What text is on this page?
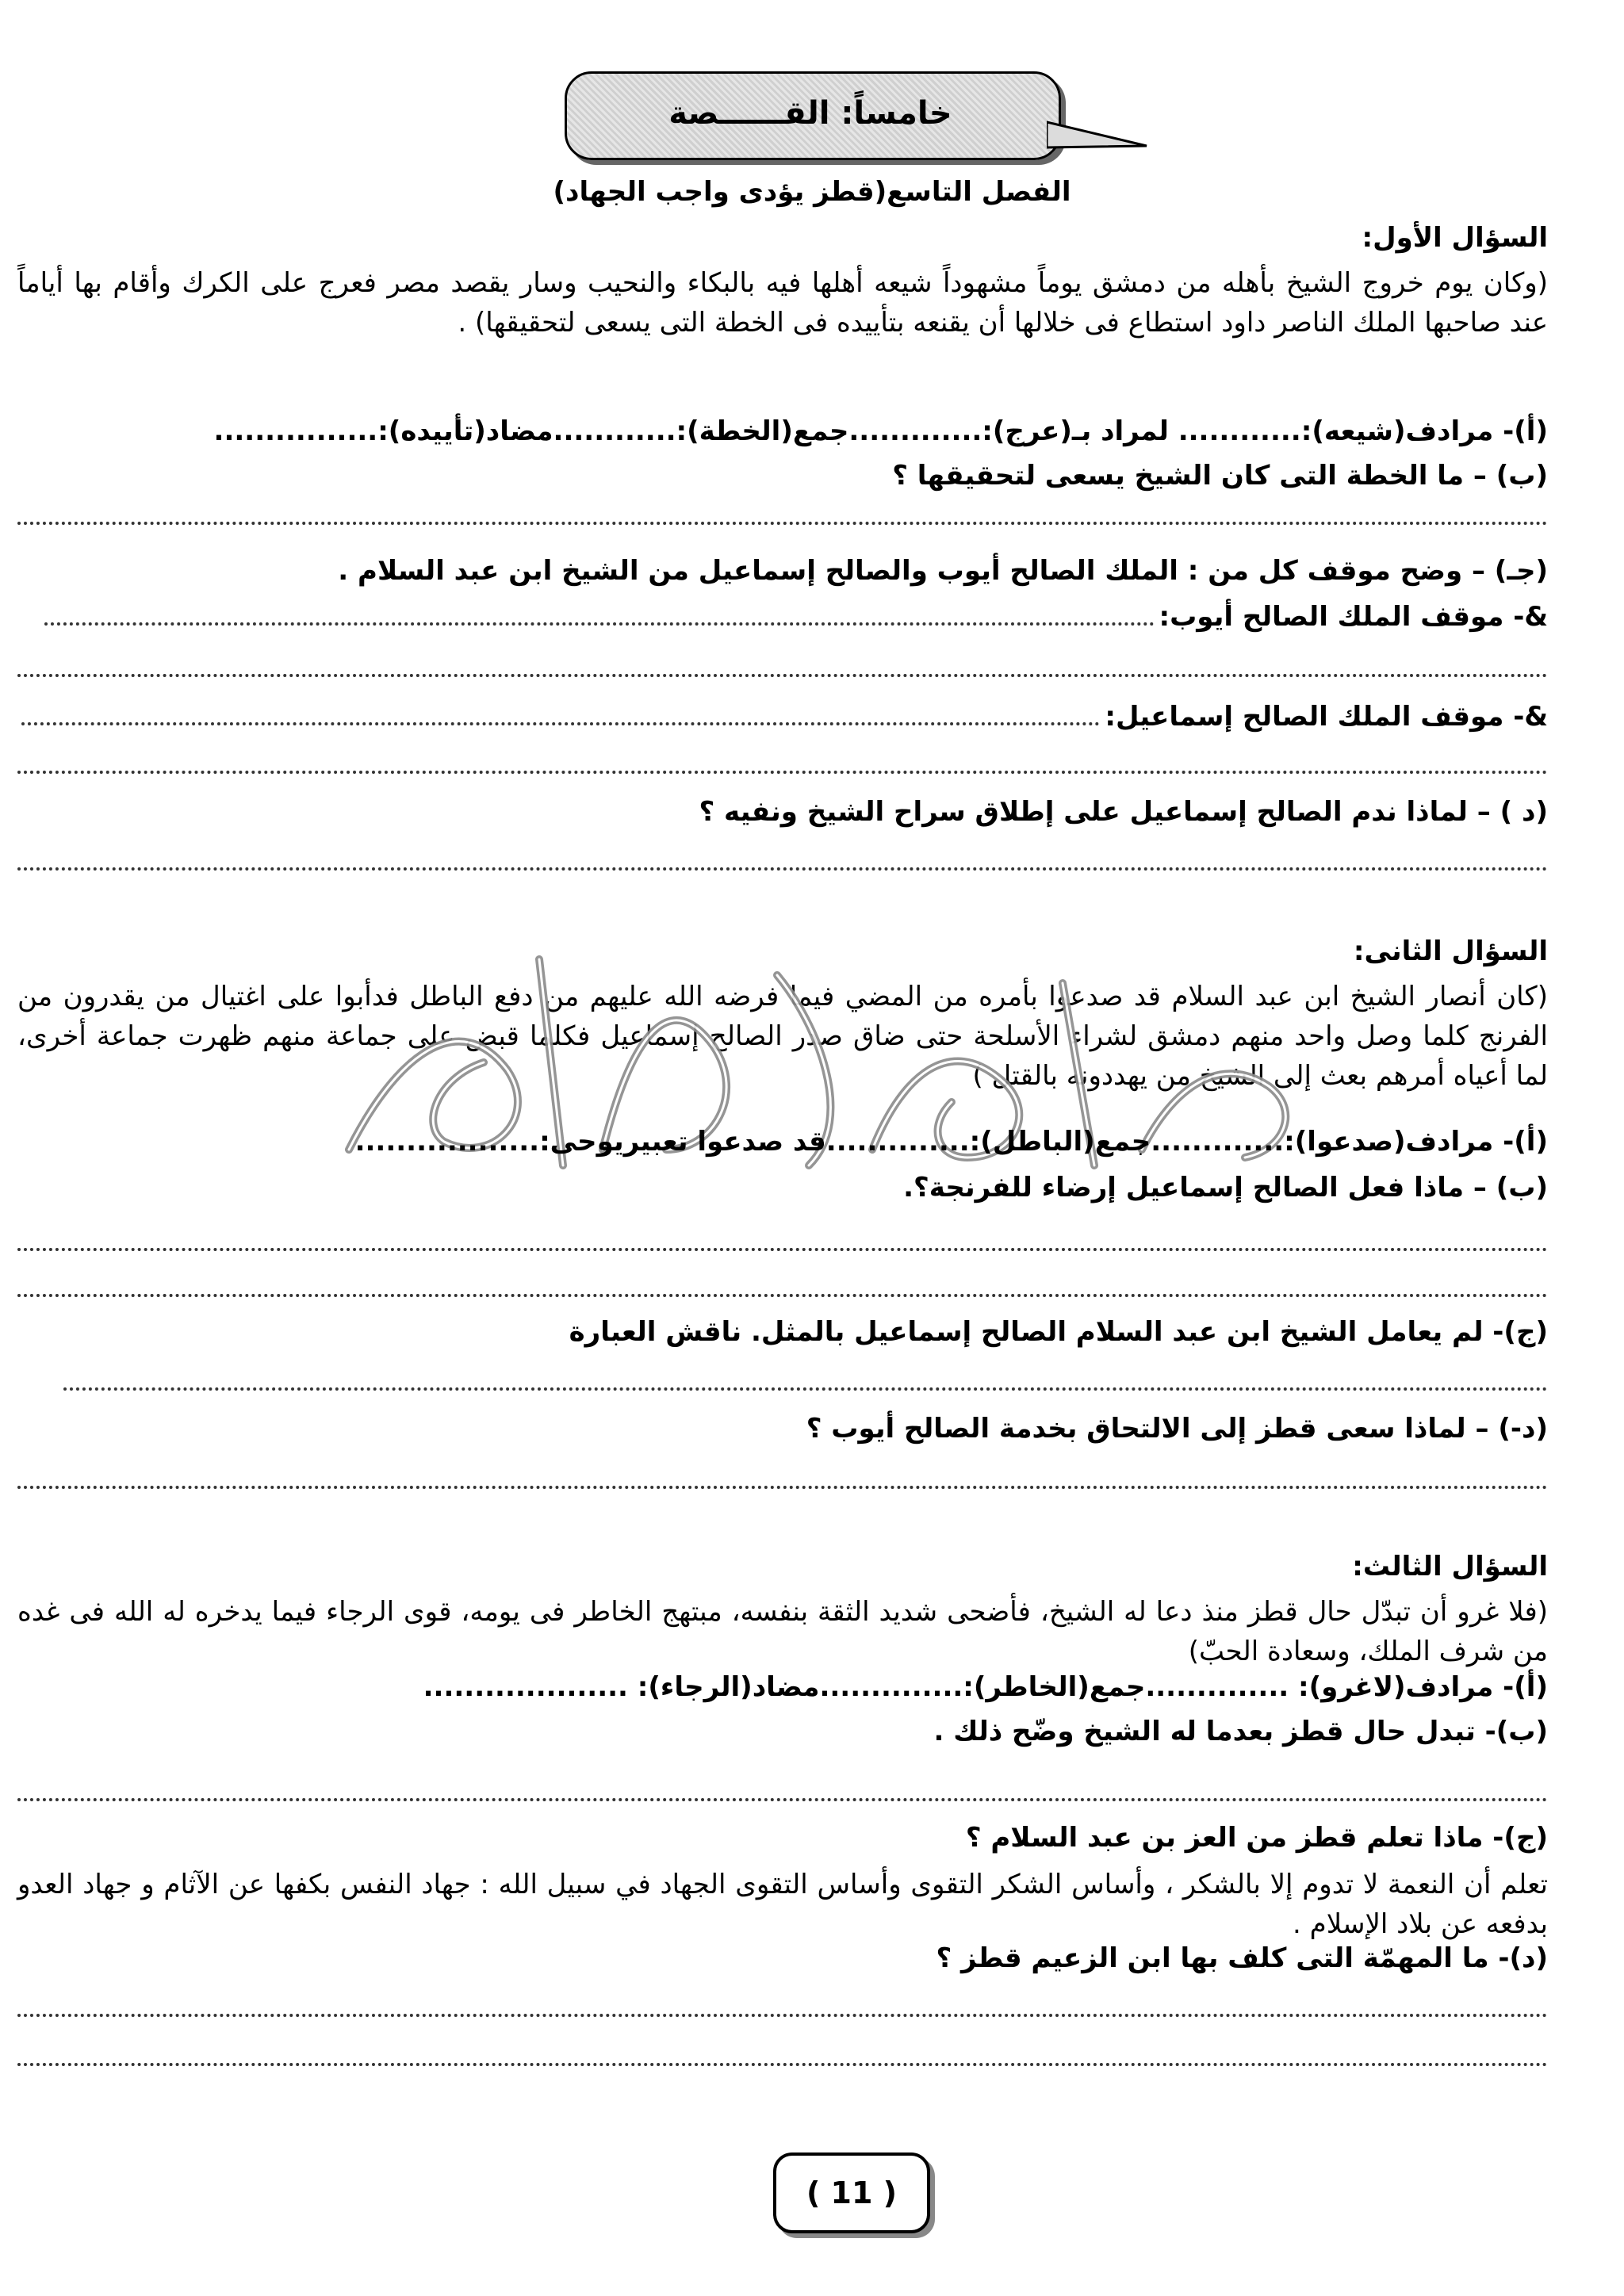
خامساً: القــــــصة
الفصل التاسع(قطز يؤدى واجب الجهاد)
السؤال الأول:
(وكان يوم خروج الشيخ بأهله من دمشق يوماً مشهوداً شيعه أهلها فيه بالبكاء والنحيب وسار يقصد مصر فعرج على الكرك وأقام بها أياماً عند صاحبها الملك الناصر داود استطاع فى خلالها أن يقنعه بتأييده فى الخطة التى يسعى لتحقيقها) .
(أ)- مرادف(شيعه):............ لمراد بـ(عرج):.............جمع(الخطة):............مضاد(تأييده):................
(ب) – ما الخطة التى كان الشيخ يسعى لتحقيقها ؟
(جـ) – وضح موقف كل من : الملك الصالح أيوب والصالح إسماعيل من الشيخ ابن عبد السلام .
&- موقف الملك الصالح أيوب:
&- موقف الملك الصالح إسماعيل:
(د ) – لماذا ندم الصالح إسماعيل على إطلاق سراح الشيخ ونفيه ؟
السؤال الثانى:
(كان أنصار الشيخ ابن عبد السلام قد صدعوا بأمره من المضي فيما فرضه الله عليهم من دفع الباطل فدأبوا على اغتيال من يقدرون من الفرنج كلما وصل واحد منهم دمشق لشراء الأسلحة حتى ضاق صدر الصالح إسماعيل فكلما قبض على جماعة منهم ظهرت جماعة أخرى، لما أعياه أمرهم بعث إلى الشيخ من يهددونه بالقتل )
(أ)- مرادف(صدعوا):.............جمع(الباطل):..............قد صدعوا تعبيريوحى:..................
(ب) – ماذا فعل الصالح إسماعيل إرضاء للفرنجة؟.
(ج)- لم يعامل الشيخ ابن عبد السلام الصالح إسماعيل بالمثل. ناقش العبارة
(د-) – لماذا سعى قطز إلى الالتحاق بخدمة الصالح أيوب ؟
السؤال الثالث:
(فلا غرو أن تبدّل حال قطز منذ دعا له الشيخ، فأضحى شديد الثقة بنفسه، مبتهج الخاطر فى يومه، قوى الرجاء فيما يدخره له الله فى غده من شرف الملك، وسعادة الحبّ)
(أ)- مرادف(لاغرو): ..............جمع(الخاطر):..............مضاد(الرجاء): ....................
(ب)- تبدل حال قطز بعدما له الشيخ وضّح ذلك .
(ج)- ماذا تعلم قطز من العز بن عبد السلام ؟
تعلم أن النعمة لا تدوم إلا بالشكر ، وأساس الشكر التقوى وأساس التقوى الجهاد في سبيل الله : جهاد النفس بكفها عن الآثام و جهاد العدو بدفعه عن بلاد الإسلام .
(د)- ما المهمّة التى كلف بها ابن الزعيم قطز ؟
( 11 )
